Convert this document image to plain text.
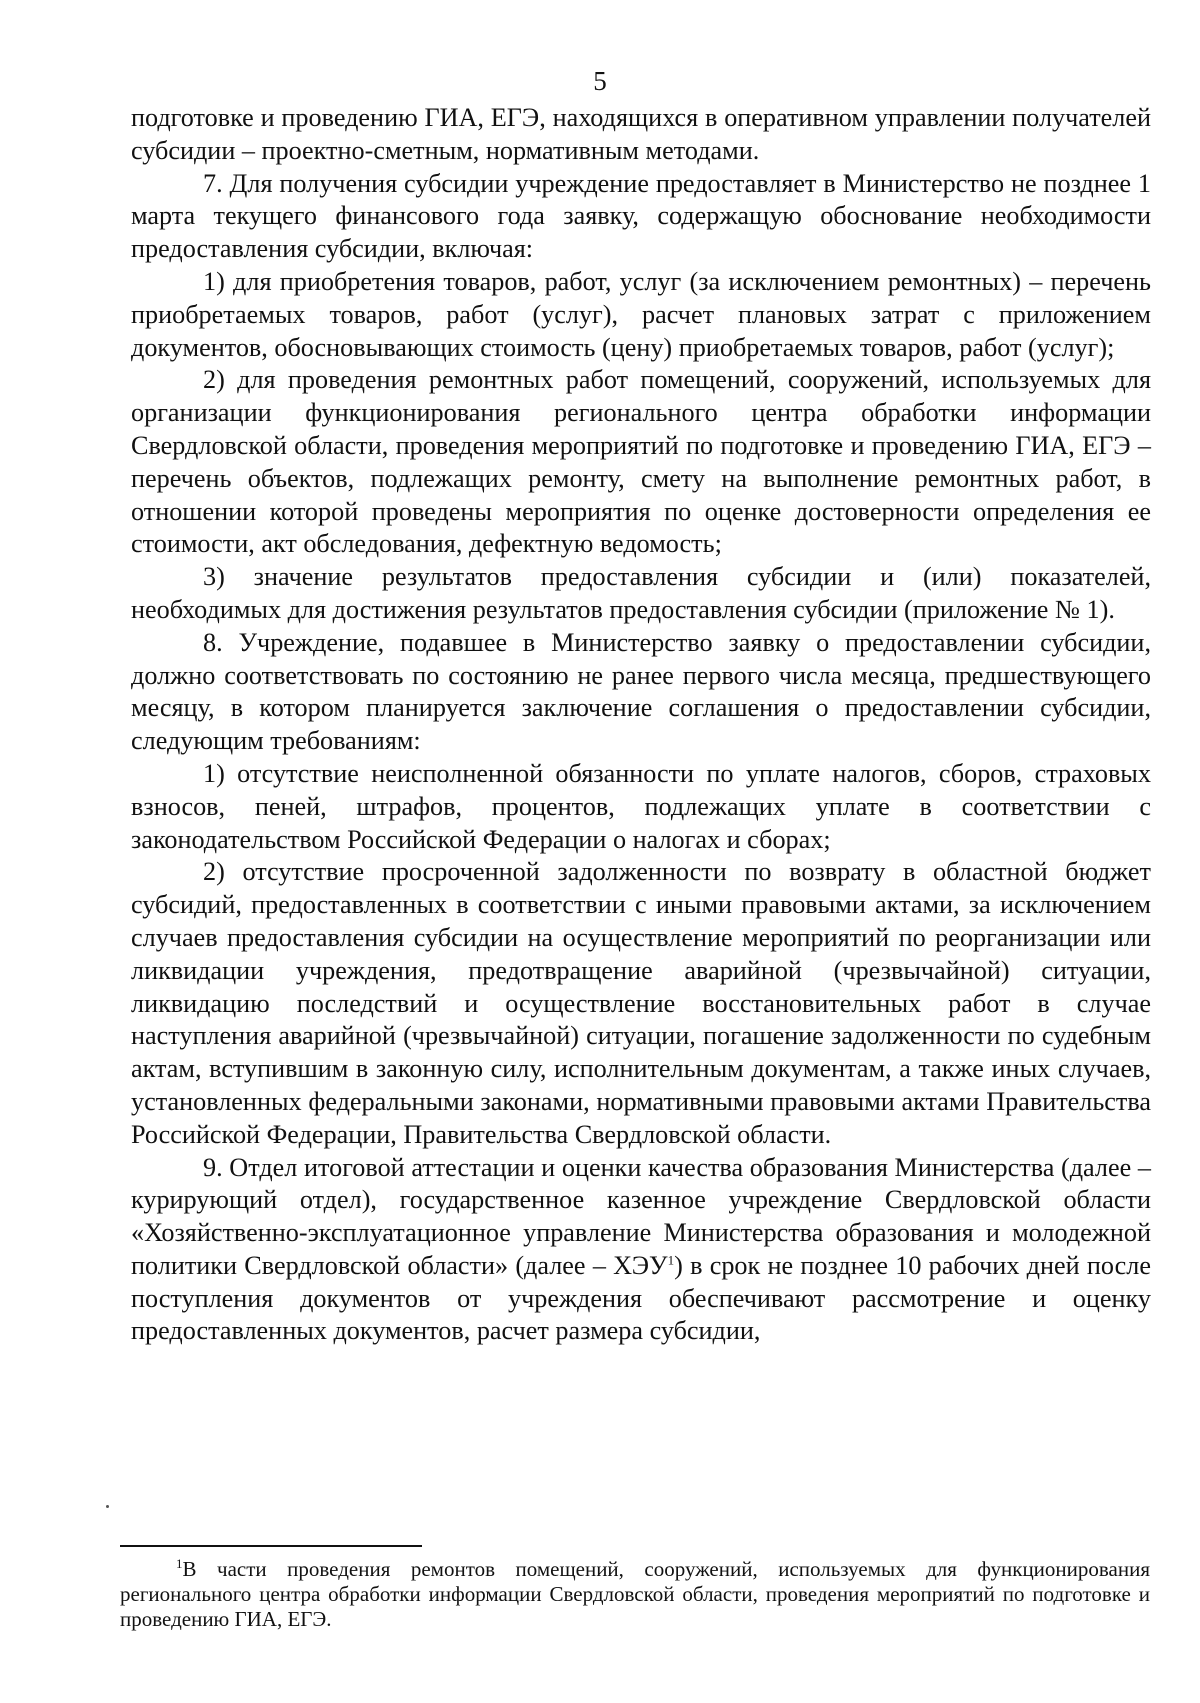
5

подготовке и проведению ГИА, ЕГЭ, находящихся в оперативном управлении получателей субсидии – проектно-сметным, нормативным методами.

7. Для получения субсидии учреждение предоставляет в Министерство не позднее 1 марта текущего финансового года заявку, содержащую обоснование необходимости предоставления субсидии, включая:

1) для приобретения товаров, работ, услуг (за исключением ремонтных) – перечень приобретаемых товаров, работ (услуг), расчет плановых затрат с приложением документов, обосновывающих стоимость (цену) приобретаемых товаров, работ (услуг);

2) для проведения ремонтных работ помещений, сооружений, используемых для организации функционирования регионального центра обработки информации Свердловской области, проведения мероприятий по подготовке и проведению ГИА, ЕГЭ – перечень объектов, подлежащих ремонту, смету на выполнение ремонтных работ, в отношении которой проведены мероприятия по оценке достоверности определения ее стоимости, акт обследования, дефектную ведомость;

3) значение результатов предоставления субсидии и (или) показателей, необходимых для достижения результатов предоставления субсидии (приложение № 1).

8. Учреждение, подавшее в Министерство заявку о предоставлении субсидии, должно соответствовать по состоянию не ранее первого числа месяца, предшествующего месяцу, в котором планируется заключение соглашения о предоставлении субсидии, следующим требованиям:

1) отсутствие неисполненной обязанности по уплате налогов, сборов, страховых взносов, пеней, штрафов, процентов, подлежащих уплате в соответствии с законодательством Российской Федерации о налогах и сборах;

2) отсутствие просроченной задолженности по возврату в областной бюджет субсидий, предоставленных в соответствии с иными правовыми актами, за исключением случаев предоставления субсидии на осуществление мероприятий по реорганизации или ликвидации учреждения, предотвращение аварийной (чрезвычайной) ситуации, ликвидацию последствий и осуществление восстановительных работ в случае наступления аварийной (чрезвычайной) ситуации, погашение задолженности по судебным актам, вступившим в законную силу, исполнительным документам, а также иных случаев, установленных федеральными законами, нормативными правовыми актами Правительства Российской Федерации, Правительства Свердловской области.

9. Отдел итоговой аттестации и оценки качества образования Министерства (далее – курирующий отдел), государственное казенное учреждение Свердловской области «Хозяйственно-эксплуатационное управление Министерства образования и молодежной политики Свердловской области» (далее – ХЭУ$^1$) в срок не позднее 10 рабочих дней после поступления документов от учреждения обеспечивают рассмотрение и оценку предоставленных документов, расчет размера субсидии,

$^1$В части проведения ремонтов помещений, сооружений, используемых для функционирования регионального центра обработки информации Свердловской области, проведения мероприятий по подготовке и проведению ГИА, ЕГЭ.
